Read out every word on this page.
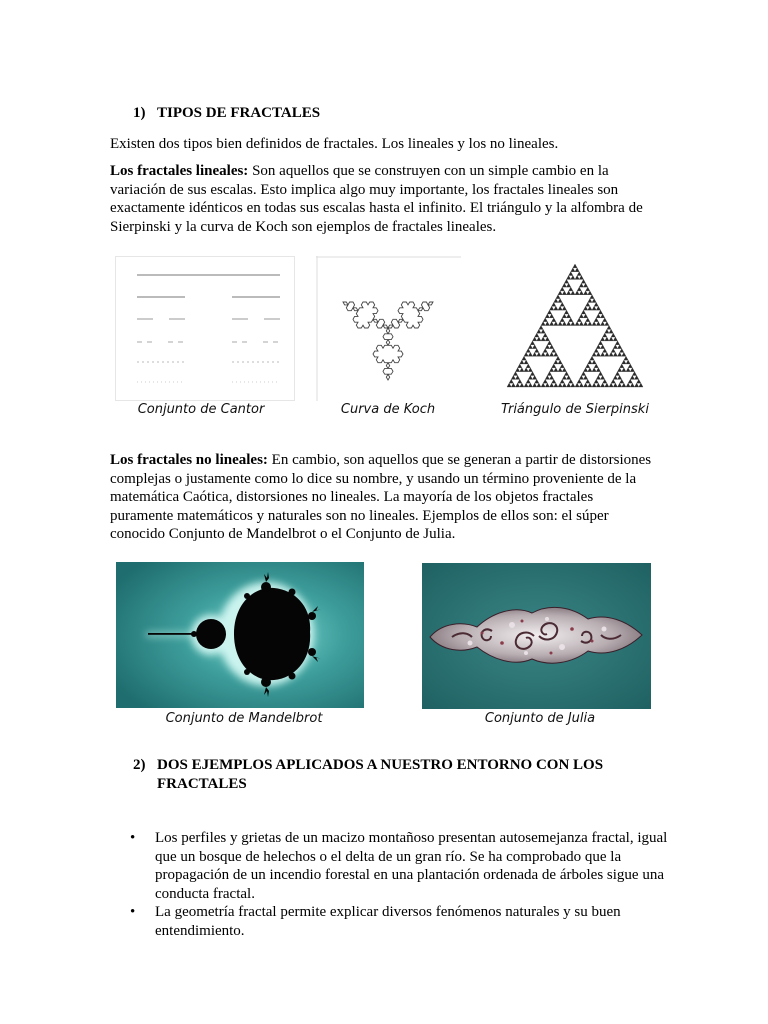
1) TIPOS DE FRACTALES

Existen dos tipos bien definidos de fractales. Los lineales y los no lineales.

Los fractales lineales: Son aquellos que se construyen con un simple cambio en la variación de sus escalas. Esto implica algo muy importante, los fractales lineales son exactamente idénticos en todas sus escalas hasta el infinito. El triángulo y la alfombra de Sierpinski y la curva de Koch son ejemplos de fractales lineales.

Conjunto de Cantor	Curva de Koch	Triángulo de Sierpinski

Los fractales no lineales: En cambio, son aquellos que se generan a partir de distorsiones complejas o justamente como lo dice su nombre, y usando un término proveniente de la matemática Caótica, distorsiones no lineales. La mayoría de los objetos fractales puramente matemáticos y naturales son no lineales. Ejemplos de ellos son: el súper conocido Conjunto de Mandelbrot o el Conjunto de Julia.

Conjunto de Mandelbrot	Conjunto de Julia
2) DOS EJEMPLOS APLICADOS A NUESTRO ENTORNO CON LOS
FRACTALES
• Los perfiles y grietas de un macizo montañoso presentan autosemejanza fractal, igual que un bosque de helechos o el delta de un gran río. Se ha comprobado que la propagación de un incendio forestal en una plantación ordenada de árboles sigue una conducta fractal.
• La geometría fractal permite explicar diversos fenómenos naturales y su buen entendimiento.
